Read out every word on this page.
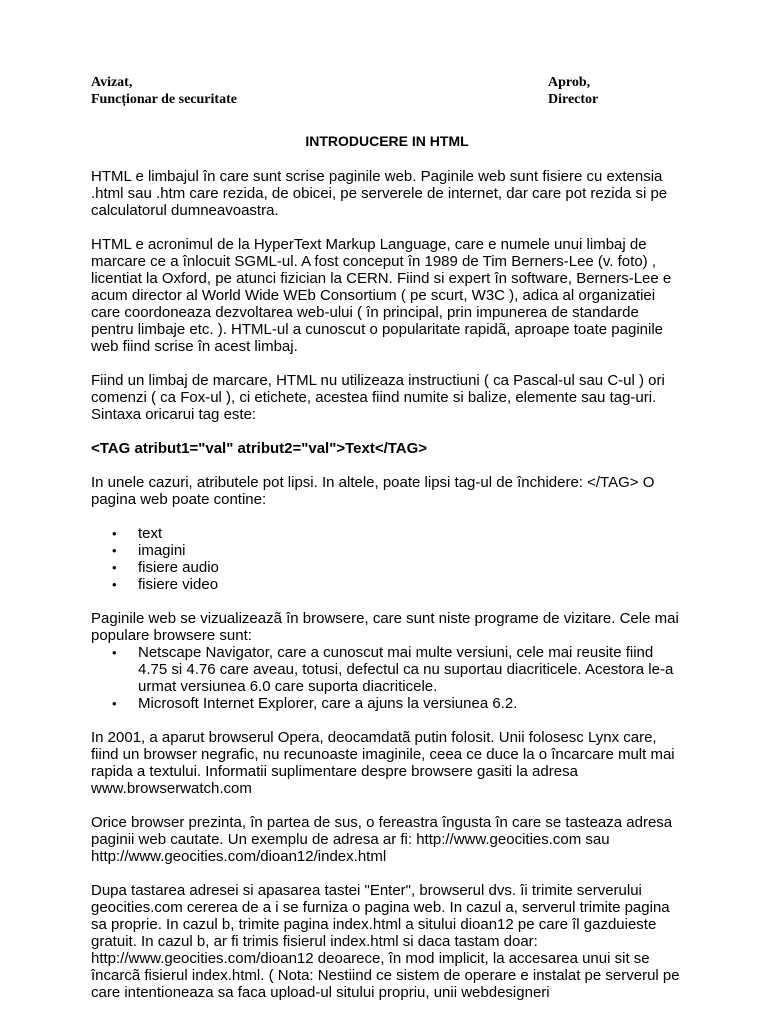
Avizat,
Funcționar de securitate
Aprob,
Director
INTRODUCERE IN HTML

HTML e limbajul în care sunt scrise paginile web. Paginile web sunt fisiere cu extensia .html sau .htm care rezida, de obicei, pe serverele de internet, dar care pot rezida si pe calculatorul dumneavoastra.

HTML e acronimul de la HyperText Markup Language, care e numele unui limbaj de marcare ce a înlocuit SGML-ul. A fost conceput în 1989 de Tim Berners-Lee (v. foto) , licentiat la Oxford, pe atunci fizician la CERN. Fiind si expert în software, Berners-Lee e acum director al World Wide WEb Consortium ( pe scurt, W3C ), adica al organizatiei care coordoneaza dezvoltarea web-ului ( în principal, prin impunerea de standarde pentru limbaje etc. ). HTML-ul a cunoscut o popularitate rapidã, aproape toate paginile web fiind scrise în acest limbaj.

Fiind un limbaj de marcare, HTML nu utilizeaza instructiuni ( ca Pascal-ul sau C-ul ) ori comenzi ( ca Fox-ul ), ci etichete, acestea fiind numite si balize, elemente sau tag-uri. Sintaxa oricarui tag este:

<TAG atribut1="val" atribut2="val">Text</TAG>

In unele cazuri, atributele pot lipsi. In altele, poate lipsi tag-ul de închidere: </TAG> O pagina web poate contine:

• text
• imagini
• fisiere audio
• fisiere video

Paginile web se vizualizeazã în browsere, care sunt niste programe de vizitare. Cele mai populare browsere sunt:

• Netscape Navigator, care a cunoscut mai multe versiuni, cele mai reusite fiind 4.75 si 4.76 care aveau, totusi, defectul ca nu suportau diacriticele. Acestora le-a urmat versiunea 6.0 care suporta diacriticele.
• Microsoft Internet Explorer, care a ajuns la versiunea 6.2.

In 2001, a aparut browserul Opera, deocamdatã putin folosit. Unii folosesc Lynx care, fiind un browser negrafic, nu recunoaste imaginile, ceea ce duce la o încarcare mult mai rapida a textului. Informatii suplimentare despre browsere gasiti la adresa www.browserwatch.com

Orice browser prezinta, în partea de sus, o fereastra îngusta în care se tasteaza adresa paginii web cautate. Un exemplu de adresa ar fi: http://www.geocities.com sau http://www.geocities.com/dioan12/index.html

Dupa tastarea adresei si apasarea tastei "Enter", browserul dvs. îi trimite serverului geocities.com cererea de a i se furniza o pagina web. In cazul a, serverul trimite pagina sa proprie. In cazul b, trimite pagina index.html a sitului dioan12 pe care îl gazduieste gratuit. In cazul b, ar fi trimis fisierul index.html si daca tastam doar: http://www.geocities.com/dioan12 deoarece, în mod implicit, la accesarea unui sit se încarcã fisierul index.html. ( Nota: Nestiind ce sistem de operare e instalat pe serverul pe care intentioneaza sa faca upload-ul sitului propriu, unii webdesigneri
